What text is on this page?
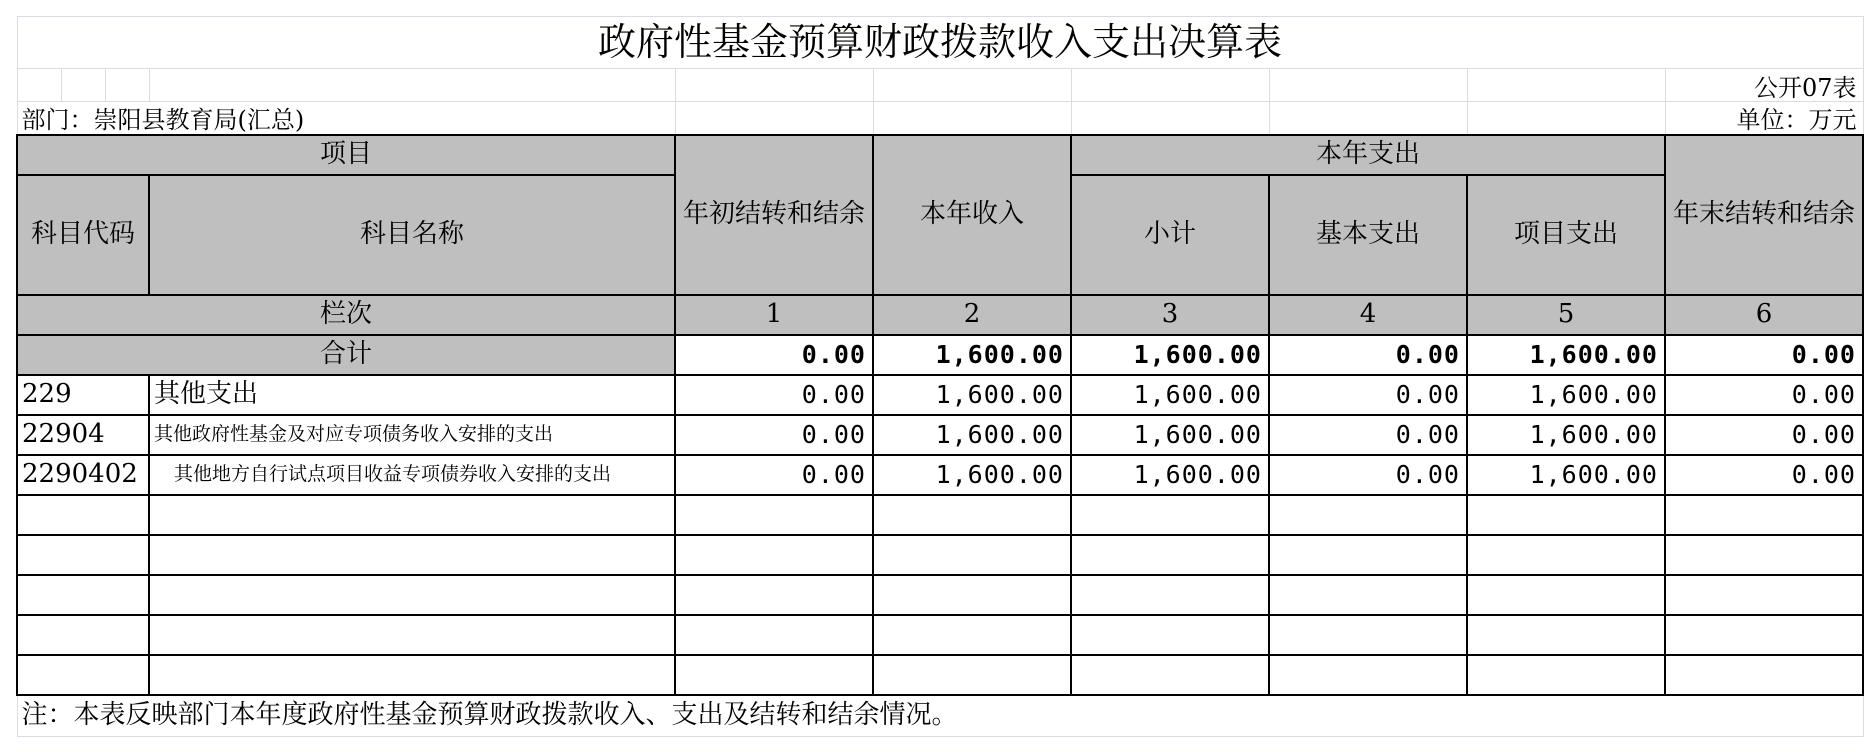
政府性基金预算财政拨款收入支出决算表									
									公开07表
部门：崇阳县教育局(汇总)									单位：万元
项目				年初结转和结余	本年收入	本年支出			年末结转和结余
科目代码			科目名称			小计	基本支出	项目支出	
栏次				1	2	3	4	5	6
合计				0.00	1,600.00	1,600.00	0.00	1,600.00	0.00
229			其他支出	0.00	1,600.00	1,600.00	0.00	1,600.00	0.00
22904			其他政府性基金及对应专项债务收入安排的支出	0.00	1,600.00	1,600.00	0.00	1,600.00	0.00
2290402			其他地方自行试点项目收益专项债券收入安排的支出	0.00	1,600.00	1,600.00	0.00	1,600.00	0.00

注：本表反映部门本年度政府性基金预算财政拨款收入、支出及结转和结余情况。									
